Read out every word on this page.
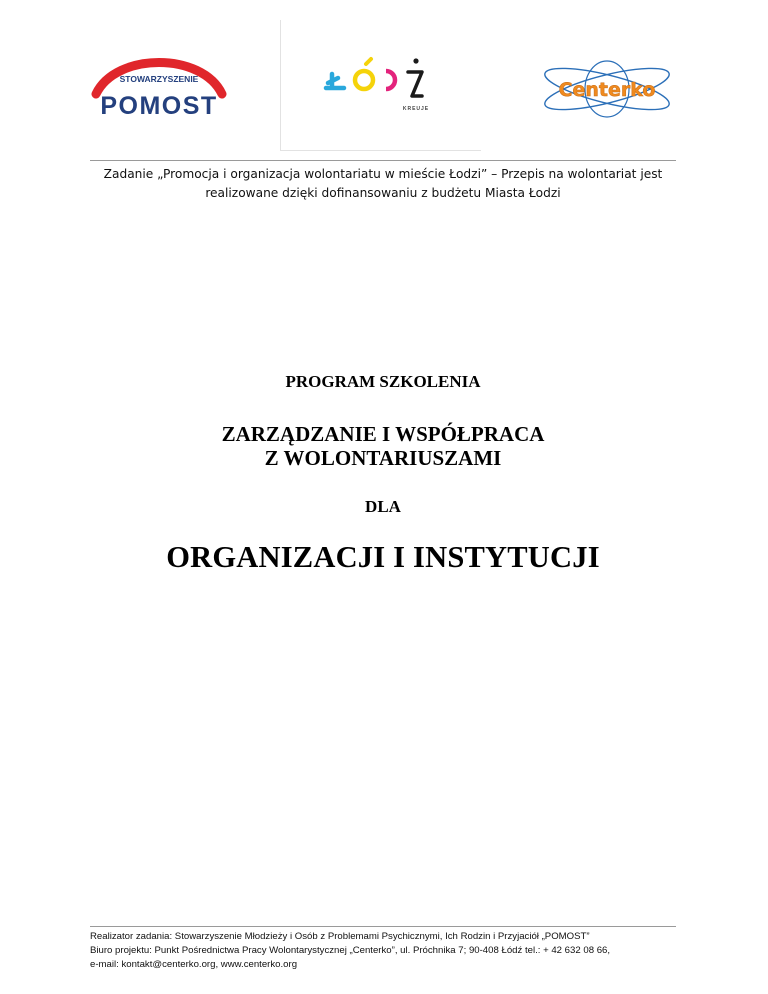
STOWARZYSZENIE
POMOST	KREUJE
Centerko
Zadanie „Promocja i organizacja wolontariatu w mieście Łodzi” – Przepis na wolontariat jest
realizowane dzięki dofinansowaniu z budżetu Miasta Łodzi
PROGRAM SZKOLENIA
ZARZĄDZANIE I WSPÓŁPRACA
Z WOLONTARIUSZAMI
DLA
ORGANIZACJI I INSTYTUCJI
Realizator zadania: Stowarzyszenie Młodzieży i Osób z Problemami Psychicznymi, Ich Rodzin i Przyjaciół „POMOST”
Biuro projektu: Punkt Pośrednictwa Pracy Wolontarystycznej „Centerko”, ul. Próchnika 7; 90-408 Łódź tel.: + 42 632 08 66,
e-mail: kontakt@centerko.org, www.centerko.org
